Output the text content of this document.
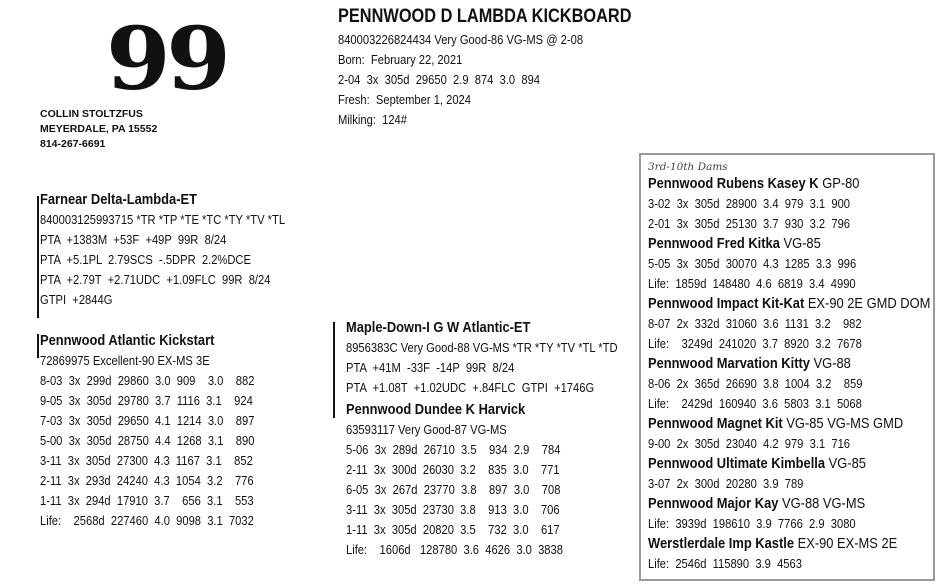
99
COLLIN STOLTZFUS
MEYERDALE, PA 15552
814-267-6691
PENNWOOD D LAMBDA KICKBOARD
840003226824434 Very Good-86 VG-MS @ 2-08
Born:  February 22, 2021
2-04  3x  305d  29650  2.9  874  3.0  894
Fresh:  September 1, 2024
Milking:  124#
Farnear Delta-Lambda-ET
840003125993715 *TR *TP *TE *TC *TY *TV *TL
PTA  +1383M  +53F  +49P  99R  8/24
PTA  +5.1PL  2.79SCS  -.5DPR  2.2%DCE
PTA  +2.79T  +2.71UDC  +1.09FLC  99R  8/24
GTPI  +2844G
Pennwood Atlantic Kickstart
72869975 Excellent-90 EX-MS 3E
8-03  3x  299d  29860  3.0  909    3.0    882
9-05  3x  305d  29780  3.7  1116  3.1    924
7-03  3x  305d  29650  4.1  1214  3.0    897
5-00  3x  305d  28750  4.4  1268  3.1    890
3-11  3x  305d  27300  4.3  1167  3.1    852
2-11  3x  293d  24240  4.3  1054  3.2    776
1-11  3x  294d  17910  3.7    656  3.1    553
Life:    2568d  227460  4.0  9098  3.1  7032
Maple-Down-I G W Atlantic-ET
8956383C Very Good-88 VG-MS *TR *TY *TV *TL *TD
PTA  +41M  -33F  -14P  99R  8/24
PTA  +1.08T  +1.02UDC  +.84FLC  GTPI  +1746G
Pennwood Dundee K Harvick
63593117 Very Good-87 VG-MS
5-06  3x  289d  26710  3.5    934  2.9    784
2-11  3x  300d  26030  3.2    835  3.0    771
6-05  3x  267d  23770  3.8    897  3.0    708
3-11  3x  305d  23730  3.8    913  3.0    706
1-11  3x  305d  20820  3.5    732  3.0    617
Life:    1606d   128780  3.6  4626  3.0  3838
3rd-10th Dams
Pennwood Rubens Kasey K GP-80
3-02  3x  305d  28900  3.4  979  3.1  900
2-01  3x  305d  25130  3.7  930  3.2  796
Pennwood Fred Kitka VG-85
5-05  3x  305d  30070  4.3  1285  3.3  996
Life:  1859d  148480  4.6  6819  3.4  4990
Pennwood Impact Kit-Kat EX-90 2E GMD DOM
8-07  2x  332d  31060  3.6  1131  3.2    982
Life:    3249d  241020  3.7  8920  3.2  7678
Pennwood Marvation Kitty VG-88
8-06  2x  365d  26690  3.8  1004  3.2    859
Life:    2429d  160940  3.6  5803  3.1  5068
Pennwood Magnet Kit VG-85 VG-MS GMD
9-00  2x  305d  23040  4.2  979  3.1  716
Pennwood Ultimate Kimbella VG-85
3-07  2x  300d  20280  3.9  789
Pennwood Major Kay VG-88 VG-MS
Life:  3939d  198610  3.9  7766  2.9  3080
Werstlerdale Imp Kastle EX-90 EX-MS 2E
Life:  2546d  115890  3.9  4563
